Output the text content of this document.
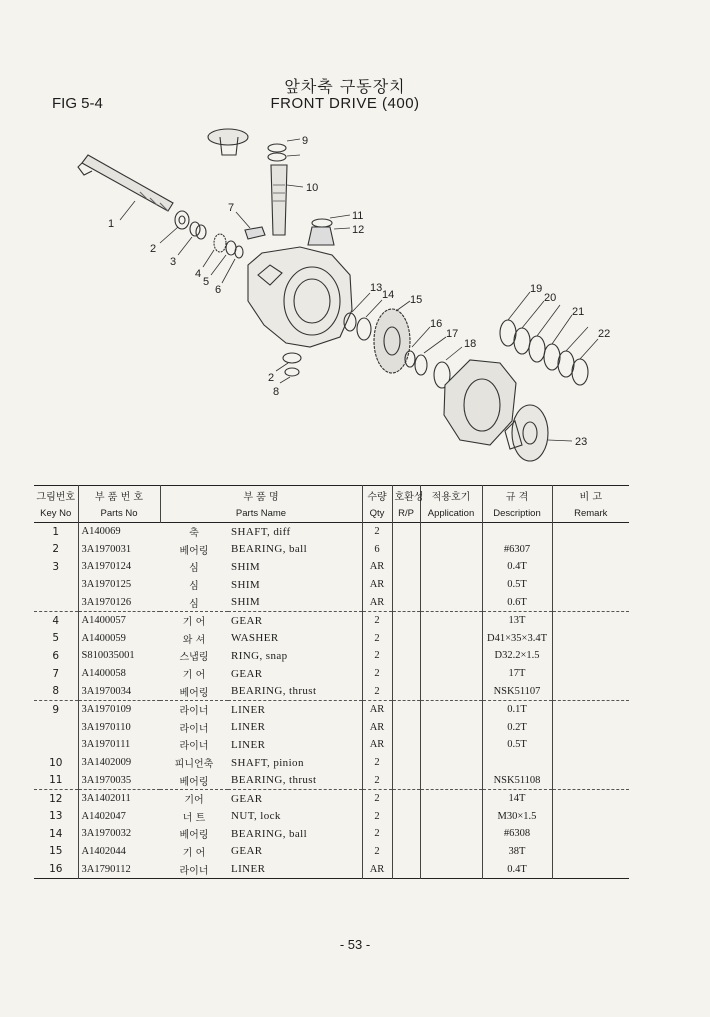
앞차축 구동장치
FRONT DRIVE (400)
FIG 5-4
1
2
3
4
5
6
7
8
9
10
11
12
13
14 15
16
17
18
19
20
21
22
23
2
그림번호	부 품 번 호	부 품 명		수량	호환성	적용호기	규 격	비 고
Key No	Parts No	Parts Name		Qty	R/P	Application	Description	Remark
1	A140069	축	SHAFT, diff	2				
2	3A1970031	베어링	BEARING, ball	6			#6307	
3	3A1970124	심	SHIM	AR			0.4T	
	3A1970125	심	SHIM	AR			0.5T	
	3A1970126	심	SHIM	AR			0.6T	
4	A1400057	기 어	GEAR	2			13T	
5	A1400059	와 셔	WASHER	2			D41×35×3.4T	
6	S810035001	스냅링	RING, snap	2			D32.2×1.5	
7	A1400058	기 어	GEAR	2			17T	
8	3A1970034	베어링	BEARING, thrust	2			NSK51107	
9	3A1970109	라이너	LINER	AR			0.1T	
	3A1970110	라이너	LINER	AR			0.2T	
	3A1970111	라이너	LINER	AR			0.5T	
10	3A1402009	피니언축	SHAFT, pinion	2				
11	3A1970035	베어링	BEARING, thrust	2			NSK51108	
12	3A1402011	기어	GEAR	2			14T	
13	A1402047	너 트	NUT, lock	2			M30×1.5	
14	3A1970032	베어링	BEARING, ball	2			#6308	
15	A1402044	기 어	GEAR	2			38T	
16	3A1790112	라이너	LINER	AR			0.4T	
- 53 -
